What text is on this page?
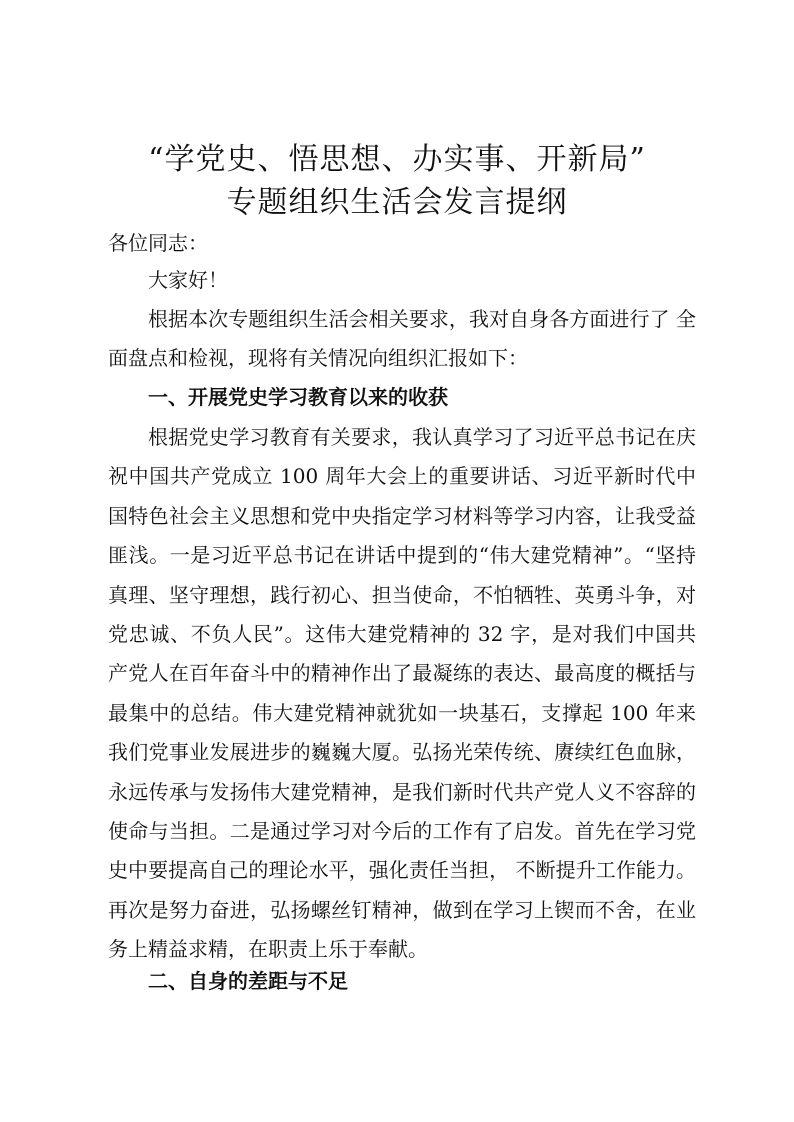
“学党史、悟思想、办实事、开新局”
专题组织生活会发言提纲

各位同志：

大家好！

根据本次专题组织生活会相关要求，我对自身各方面进行了 全面盘点和检视，现将有关情况向组织汇报如下：

一、开展党史学习教育以来的收获

根据党史学习教育有关要求，我认真学习了习近平总书记在庆祝中国共产党成立 100 周年大会上的重要讲话、习近平新时代中国特色社会主义思想和党中央指定学习材料等学习内容，让我受益匪浅。一是习近平总书记在讲话中提到的“伟大建党精神”。“坚持真理、坚守理想，践行初心、担当使命，不怕牺牲、英勇斗争，对党忠诚、不负人民”。这伟大建党精神的 32 字，是对我们中国共产党人在百年奋斗中的精神作出了最凝练的表达、最高度的概括与最集中的总结。伟大建党精神就犹如一块基石，支撑起 100 年来我们党事业发展进步的巍巍大厦。弘扬光荣传统、赓续红色血脉，永远传承与发扬伟大建党精神，是我们新时代共产党人义不容辞的使命与当担。二是通过学习对今后的工作有了启发。首先在学习党史中要提高自己的理论水平，强化责任当担， 不断提升工作能力。再次是努力奋进，弘扬螺丝钉精神，做到在学习上锲而不舍，在业务上精益求精，在职责上乐于奉献。

二、自身的差距与不足
